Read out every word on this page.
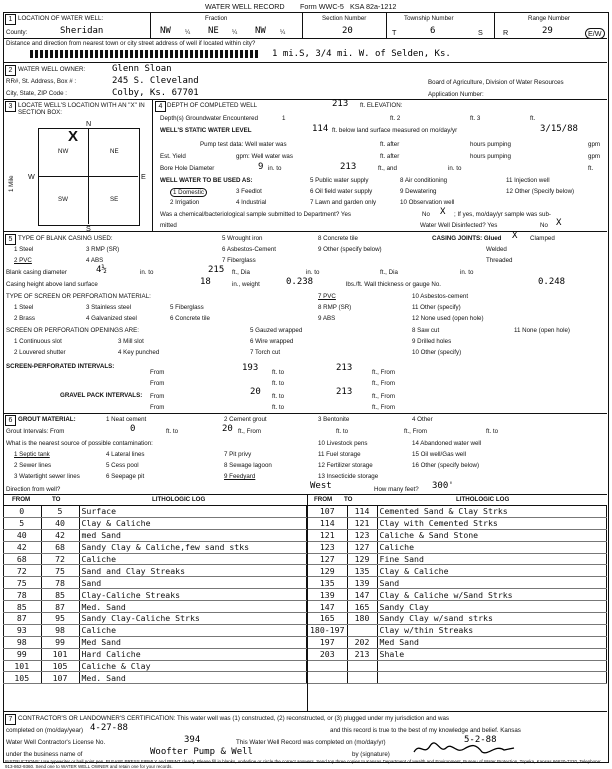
WATER WELL RECORD Form WWC-5 KSA 82a-1212
1 LOCATION OF WATER WELL:
County:	Sheridan
Fraction
NW ¼ NE ¼ NW ¼
Section Number
20
Township Number
T	6	S
Range Number
R	29	E/W
Distance and direction from nearest town or city street address of well if located within city?
1 mi.S, 3/4 mi. W. of Selden, Ks.
2 WATER WELL OWNER:	Glenn Sloan
RR#, St. Address, Box # :	245 S. Cleveland	Board of Agriculture, Division of Water Resources
City, State, ZIP Code :	Colby, Ks. 67701	Application Number:
3 LOCATE WELL'S LOCATION WITH AN "X" IN SECTION BOX:
N
S
W	E
NW	NE
SW	SE
X
1 Mile
4 DEPTH OF COMPLETED WELL	213 ft. ELEVATION:
Depth(s) Groundwater Encountered	1	ft. 2	ft. 3	ft.
WELL'S STATIC WATER LEVEL	114 ft. below land surface measured on mo/day/yr	3/15/88
Pump test data: Well water was	ft. after	hours pumping	gpm
Est. Yield	gpm: Well water was	ft. after	hours pumping	gpm
Bore Hole Diameter	9 in. to	213	ft., and	in. to	ft.
WELL WATER TO BE USED AS:	5 Public water supply	8 Air conditioning	11 Injection well
1 Domestic	3 Feedlot	6 Oil field water supply	9 Dewatering	12 Other (Specify below)
2 Irrigation	4 Industrial	7 Lawn and garden only	10 Observation well
Was a chemical/bacteriological sample submitted to Department? Yes	No X ; If yes, mo/day/yr sample was sub-
mitted	Water Well Disinfected? Yes	No X
5 TYPE OF BLANK CASING USED:	5 Wrought iron	8 Concrete tile	CASING JOINTS: Glued X Clamped
1 Steel	3 RMP (SR)	6 Asbestos-Cement	9 Other (specify below)	Welded
2 PVC	4 ABS	7 Fiberglass	Threaded
Blank casing diameter	4½	in. to	215 ft., Dia	in. to	ft., Dia	in. to
Casing height above land surface	18	in., weight	0.238	lbs./ft. Wall thickness or gauge No.	0.248
TYPE OF SCREEN OR PERFORATION MATERIAL:	7 PVC	10 Asbestos-cement
1 Steel	3 Stainless steel	5 Fiberglass	8 RMP (SR)	11 Other (specify)
2 Brass	4 Galvanized steel	6 Concrete tile	9 ABS	12 None used (open hole)
SCREEN OR PERFORATION OPENINGS ARE:	5 Gauzed wrapped	8 Saw cut	11 None (open hole)
1 Continuous slot	3 Mill slot	6 Wire wrapped	9 Drilled holes
2 Louvered shutter	4 Key punched	7 Torch cut	10 Other (specify)
SCREEN-PERFORATED INTERVALS:
From	193 ft. to	213	ft., From
From	ft. to	ft., From
GRAVEL PACK INTERVALS: From	20 ft. to	213	ft., From
From	ft. to	ft., From
6 GROUT MATERIAL:	1 Neat cement	2 Cement grout	3 Bentonite	4 Other
Grout Intervals: From	0	ft. to	20 ft., From	ft. to	ft., From	ft. to
What is the nearest source of possible contamination:	10 Livestock pens	14 Abandoned water well
1 Septic tank	4 Lateral lines	7 Pit privy	11 Fuel storage	15 Oil well/Gas well
2 Sewer lines	5 Cess pool	8 Sewage lagoon	12 Fertilizer storage	16 Other (specify below)
3 Watertight sewer lines	6 Seepage pit	9 Feedyard	13 Insecticide storage
Direction from well?	West	How many feet? 300'
FROM	TO	LITHOLOGIC LOG	FROM TO	LITHOLOGIC LOG
0	5	Surface
5	40	Clay & Caliche
40	42	med Sand
42	68	Sandy Clay & Caliche,few sand stks
68	72	Caliche
72	75	Sand and Clay Streaks
75	78	Sand
78	85	Clay-Caliche Streaks
85	87	Med. Sand
87	95	Sandy Clay-Caliche Strks
93	98	Caliche
98	99	Med Sand
99	101	Hard Caliche
101	105	Caliche & Clay
105	107	Med. Sand
107	114	Cemented Sand & Clay Strks
114	121	Clay with Cemented Strks
121	123	Caliche & Sand Stone
123	127	Caliche
127	129	Fine Sand
129	135	Clay & Caliche
135	139	Sand
139	147	Clay & Caliche w/Sand Strks
147	165	Sandy Clay
165	180	Sandy Clay w/sand strks
180-197		Clay w/thin Streaks
197	202	Med Sand
203	213	Shale

7 CONTRACTOR'S OR LANDOWNER'S CERTIFICATION: This water well was (1) constructed, (2) reconstructed, or (3) plugged under my jurisdiction and was
completed on (mo/day/year) 4-27-88	and this record is true to the best of my knowledge and belief. Kansas
Water Well Contractor's License No.	394	This Water Well Record was completed on (mo/day/yr)	5-2-88
under the business name of	Woofter Pump & Well	by (signature)
INSTRUCTIONS: Use typewriter or ball point pen. PLEASE PRESS FIRMLY and PRINT clearly. Please fill in blanks, underline or circle the correct answers. Send top three copies to Kansas Department of Health and Environment, Bureau of Water Protection, Topeka, Kansas 66620-7320, Telephone: 913-862-9360. Send one to WATER WELL OWNER and retain one for your records.
